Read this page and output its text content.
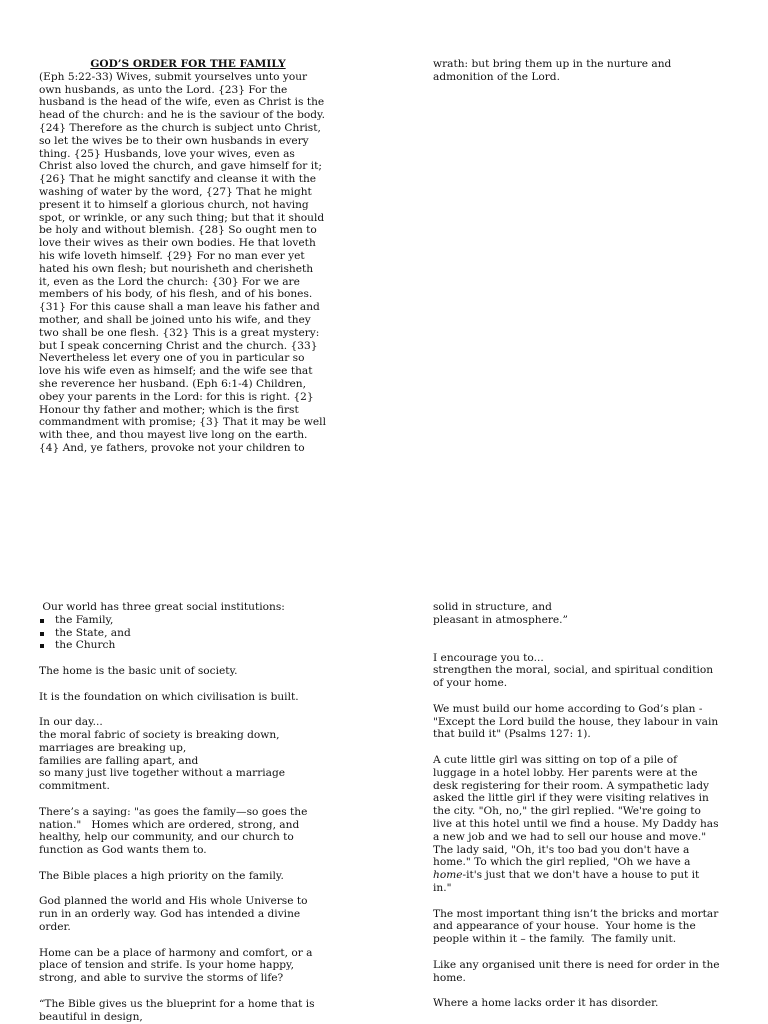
GOD’S ORDER FOR THE FAMILY

(Eph 5:22-33) Wives, submit yourselves unto your
own husbands, as unto the Lord. {23} For the
husband is the head of the wife, even as Christ is the
head of the church: and he is the saviour of the body.
{24} Therefore as the church is subject unto Christ,
so let the wives be to their own husbands in every
thing. {25} Husbands, love your wives, even as
Christ also loved the church, and gave himself for it;
{26} That he might sanctify and cleanse it with the
washing of water by the word, {27} That he might
present it to himself a glorious church, not having
spot, or wrinkle, or any such thing; but that it should
be holy and without blemish. {28} So ought men to
love their wives as their own bodies. He that loveth
his wife loveth himself. {29} For no man ever yet
hated his own flesh; but nourisheth and cherisheth
it, even as the Lord the church: {30} For we are
members of his body, of his flesh, and of his bones.
{31} For this cause shall a man leave his father and
mother, and shall be joined unto his wife, and they
two shall be one flesh. {32} This is a great mystery:
but I speak concerning Christ and the church. {33}
Nevertheless let every one of you in particular so
love his wife even as himself; and the wife see that
she reverence her husband. (Eph 6:1-4) Children,
obey your parents in the Lord: for this is right. {2}
Honour thy father and mother; which is the first
commandment with promise; {3} That it may be well
with thee, and thou mayest live long on the earth.
{4} And, ye fathers, provoke not your children to

wrath: but bring them up in the nurture and
admonition of the Lord.

Our world has three great social institutions:

the Family,
the State, and
the Church

The home is the basic unit of society.

It is the foundation on which civilisation is built.

In our day...
the moral fabric of society is breaking down,
marriages are breaking up,
families are falling apart, and
so many just live together without a marriage
commitment.

There’s a saying: "as goes the family—so goes the
nation."   Homes which are ordered, strong, and
healthy, help our community, and our church to
function as God wants them to.

The Bible places a high priority on the family.

God planned the world and His whole Universe to
run in an orderly way. God has intended a divine
order.

Home can be a place of harmony and comfort, or a
place of tension and strife. Is your home happy,
strong, and able to survive the storms of life?

“The Bible gives us the blueprint for a home that is
beautiful in design,

solid in structure, and
pleasant in atmosphere.”

I encourage you to...
strengthen the moral, social, and spiritual condition
of your home.

We must build our home according to God’s plan -
"Except the Lord build the house, they labour in vain
that build it" (Psalms 127: 1).

A cute little girl was sitting on top of a pile of
luggage in a hotel lobby. Her parents were at the
desk registering for their room. A sympathetic lady
asked the little girl if they were visiting relatives in
the city. "Oh, no," the girl replied. "We're going to
live at this hotel until we find a house. My Daddy has
a new job and we had to sell our house and move."
The lady said, "Oh, it's too bad you don't have a
home." To which the girl replied, "Oh we have a
home-it's just that we don't have a house to put it
in."

The most important thing isn’t the bricks and mortar
and appearance of your house.  Your home is the
people within it – the family.  The family unit.

Like any organised unit there is need for order in the
home.

Where a home lacks order it has disorder.
